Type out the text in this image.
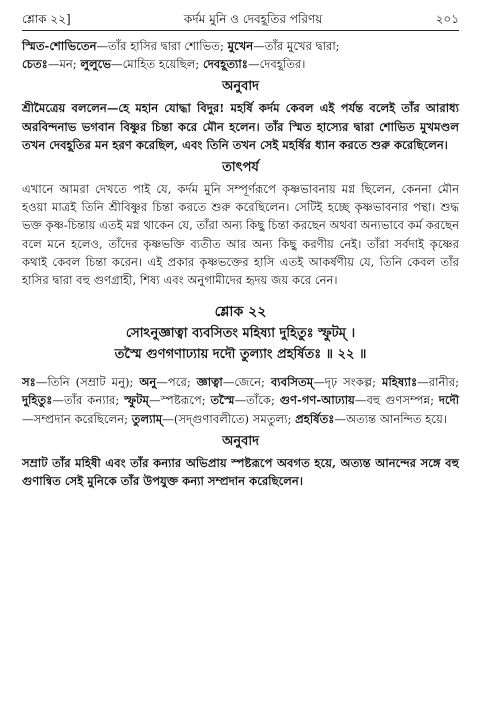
শ্লোক ২২]	কর্দম মুনি ও দেবহূতির পরিণয়	২০১

স্মিত-শোভিতেন—তাঁর হাসির দ্বারা শোভিত; মুখেন—তাঁর মুখের দ্বারা;
চেতঃ—মন; লুলুভে—মোহিত হয়েছিল; দেবহূত্যাঃ—দেবহূতির।

অনুবাদ

শ্রীমৈত্রেয় বললেন—হে মহান যোদ্ধা বিদুর! মহর্ষি কর্দম কেবল এই পর্যন্ত বলেই তাঁর আরাধ্য অরবিন্দনাভ ভগবান বিষ্ণুর চিন্তা করে মৌন হলেন। তাঁর স্মিত হাস্যের দ্বারা শোভিত মুখমণ্ডল তখন দেবহূতির মন হরণ করেছিল, এবং তিনি তখন সেই মহর্ষির ধ্যান করতে শুরু করেছিলেন।

তাৎপর্য

এখানে আমরা দেখতে পাই যে, কর্দম মুনি সম্পূর্ণরূপে কৃষ্ণভাবনায় মগ্ন ছিলেন, কেননা মৌন হওয়া মাত্রই তিনি শ্রীবিষ্ণুর চিন্তা করতে শুরু করেছিলেন। সেটিই হচ্ছে কৃষ্ণভাবনার পন্থা। শুদ্ধ ভক্ত কৃষ্ণ-চিন্তায় এতই মগ্ন থাকেন যে, তাঁরা অন্য কিছু চিন্তা করছেন অথবা অন্যভাবে কর্ম করছেন বলে মনে হলেও, তাঁদের কৃষ্ণভক্তি ব্যতীত আর অন্য কিছু করণীয় নেই। তাঁরা সর্বদাই কৃষ্ণের কথাই কেবল চিন্তা করেন। এই প্রকার কৃষ্ণভক্তের হাসি এতই আকর্ষণীয় যে, তিনি কেবল তাঁর হাসির দ্বারা বহু গুণগ্রাহী, শিষ্য এবং অনুগামীদের হৃদয় জয় করে নেন।

শ্লোক ২২
সোঽনুজ্ঞাত্বা ব্যবসিতং মহিষ্যা দুহিতুঃ স্ফুটম্ ।
তস্মৈ গুণগণাঢ্যায় দদৌ তুল্যাং প্রহর্ষিতঃ ॥ ২২ ॥

সঃ—তিনি (সম্রাট মনু); অনু—পরে; জ্ঞাত্বা—জেনে; ব্যবসিতম্—দৃঢ় সংকল্প; মহিষ্যাঃ—রানীর; দুহিতুঃ—তাঁর কন্যার; স্ফুটম্—স্পষ্টরূপে; তস্মৈ—তাঁকে; গুণ-গণ-আঢ্যায়—বহু গুণসম্পন্ন; দদৌ—সম্প্রদান করেছিলেন; তুল্যাম্—(সদ্গুণাবলীতে) সমতুল্য; প্রহর্ষিতঃ—অত্যন্ত আনন্দিত হয়ে।

অনুবাদ

সম্রাট তাঁর মহিষী এবং তাঁর কন্যার অভিপ্রায় স্পষ্টরূপে অবগত হয়ে, অত্যন্ত আনন্দের সঙ্গে বহু গুণান্বিত সেই মুনিকে তাঁর উপযুক্ত কন্যা সম্প্রদান করেছিলেন।
